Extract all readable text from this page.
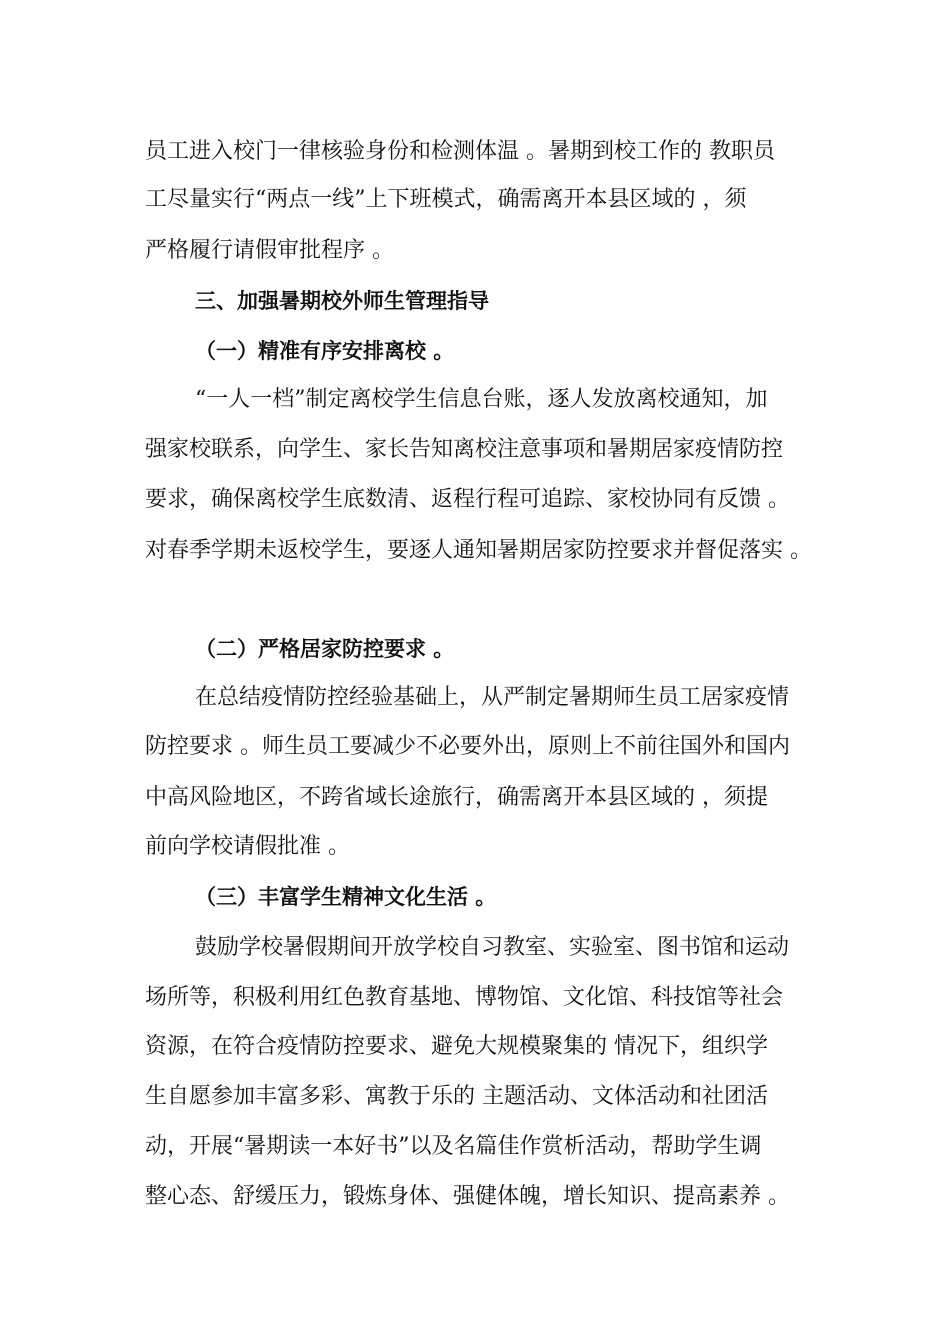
员工进入校门一律核验身份和检测体温 。暑期到校工作的 教职员
工尽量实行“两点一线”上下班模式，确需离开本县区域的 ，须
严格履行请假审批程序 。
三、加强暑期校外师生管理指导
（一）精准有序安排离校 。
“一人一档”制定离校学生信息台账，逐人发放离校通知，加
强家校联系，向学生、家长告知离校注意事项和暑期居家疫情防控
要求，确保离校学生底数清、返程行程可追踪、家校协同有反馈 。
对春季学期未返校学生，要逐人通知暑期居家防控要求并督促落实 。
（二）严格居家防控要求 。
在总结疫情防控经验基础上，从严制定暑期师生员工居家疫情
防控要求 。师生员工要减少不必要外出，原则上不前往国外和国内
中高风险地区，不跨省域长途旅行，确需离开本县区域的 ，须提
前向学校请假批准 。
（三）丰富学生精神文化生活 。
鼓励学校暑假期间开放学校自习教室、实验室、图书馆和运动
场所等，积极利用红色教育基地、博物馆、文化馆、科技馆等社会
资源，在符合疫情防控要求、避免大规模聚集的 情况下，组织学
生自愿参加丰富多彩、寓教于乐的 主题活动、文体活动和社团活
动，开展“暑期读一本好书”以及名篇佳作赏析活动，帮助学生调
整心态、舒缓压力，锻炼身体、强健体魄，增长知识、提高素养 。
